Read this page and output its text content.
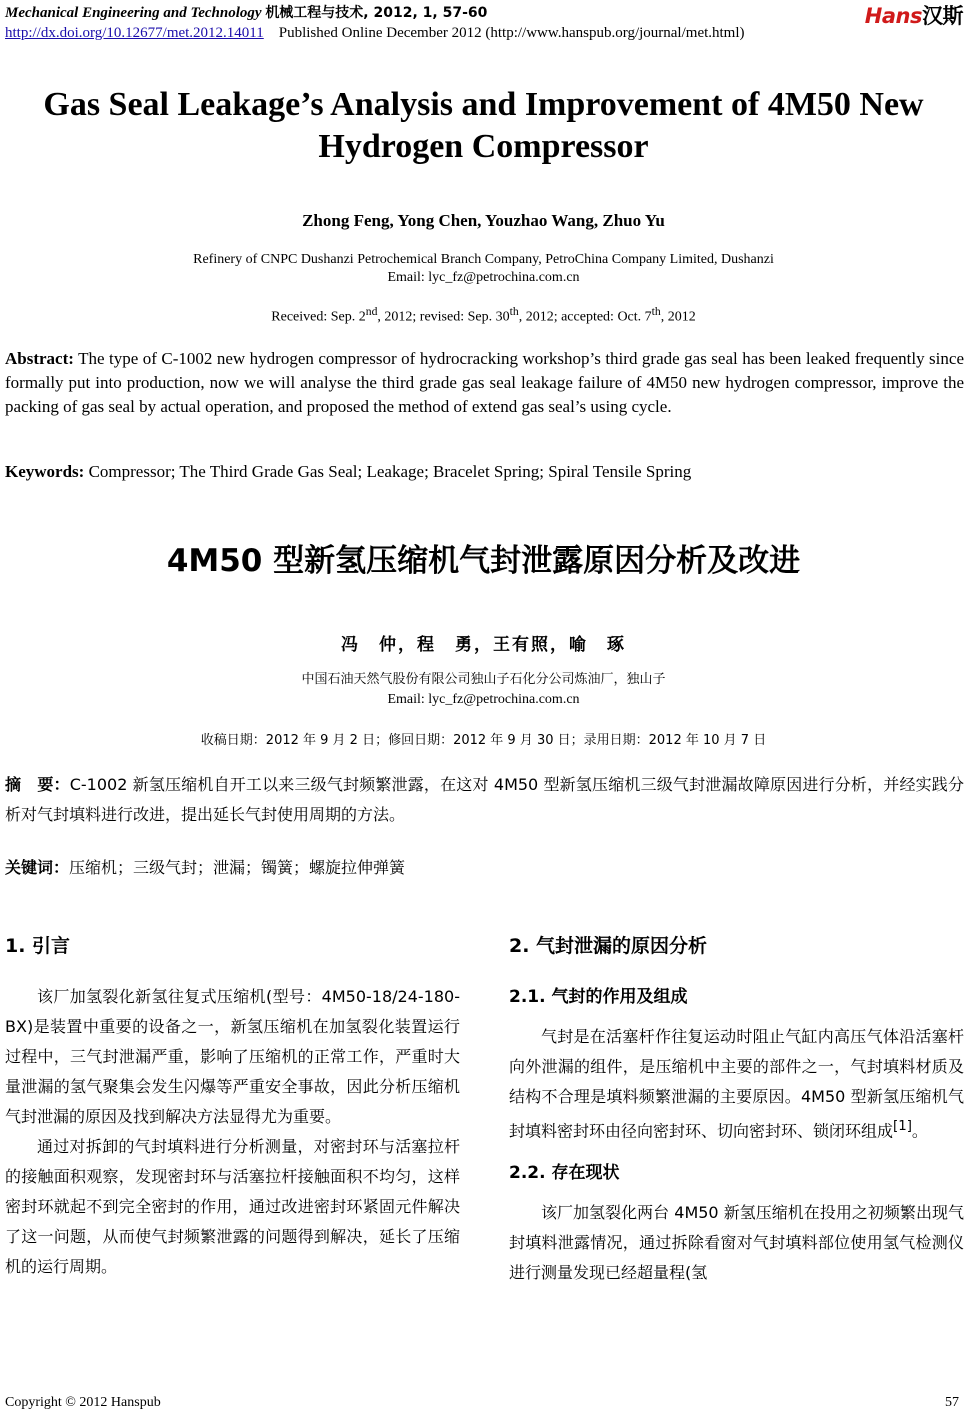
Mechanical Engineering and Technology 机械工程与技术, 2012, 1, 57-60
http://dx.doi.org/10.12677/met.2012.14011 Published Online December 2012 (http://www.hanspub.org/journal/met.html)
Hans汉斯
Gas Seal Leakage’s Analysis and Improvement of 4M50 New Hydrogen Compressor
Zhong Feng, Yong Chen, Youzhao Wang, Zhuo Yu
Refinery of CNPC Dushanzi Petrochemical Branch Company, PetroChina Company Limited, Dushanzi
Email: lyc_fz@petrochina.com.cn
Received: Sep. 2nd, 2012; revised: Sep. 30th, 2012; accepted: Oct. 7th, 2012
Abstract: The type of C-1002 new hydrogen compressor of hydrocracking workshop’s third grade gas seal has been leaked frequently since formally put into production, now we will analyse the third grade gas seal leakage failure of 4M50 new hydrogen compressor, improve the packing of gas seal by actual operation, and proposed the method of extend gas seal’s using cycle.
Keywords: Compressor; The Third Grade Gas Seal; Leakage; Bracelet Spring; Spiral Tensile Spring
4M50 型新氢压缩机气封泄露原因分析及改进
冯　仲，程　勇，王有照，喻　琢
中国石油天然气股份有限公司独山子石化分公司炼油厂，独山子
Email: lyc_fz@petrochina.com.cn
收稿日期：2012 年 9 月 2 日；修回日期：2012 年 9 月 30 日；录用日期：2012 年 10 月 7 日
摘　要：C-1002 新氢压缩机自开工以来三级气封频繁泄露，在这对 4M50 型新氢压缩机三级气封泄漏故障原因进行分析，并经实践分析对气封填料进行改进，提出延长气封使用周期的方法。
关键词：压缩机；三级气封；泄漏；镯簧；螺旋拉伸弹簧
1. 引言

该厂加氢裂化新氢往复式压缩机(型号：4M50-18/24-180-BX)是装置中重要的设备之一，新氢压缩机在加氢裂化装置运行过程中，三气封泄漏严重，影响了压缩机的正常工作，严重时大量泄漏的氢气聚集会发生闪爆等严重安全事故，因此分析压缩机气封泄漏的原因及找到解决方法显得尤为重要。

通过对拆卸的气封填料进行分析测量，对密封环与活塞拉杆的接触面积观察，发现密封环与活塞拉杆接触面积不均匀，这样密封环就起不到完全密封的作用，通过改进密封环紧固元件解决了这一问题，从而使气封频繁泄露的问题得到解决，延长了压缩机的运行周期。

2. 气封泄漏的原因分析
2.1. 气封的作用及组成

气封是在活塞杆作往复运动时阻止气缸内高压气体沿活塞杆向外泄漏的组件，是压缩机中主要的部件之一，气封填料材质及结构不合理是填料频繁泄漏的主要原因。4M50 型新氢压缩机气封填料密封环由径向密封环、切向密封环、锁闭环组成[1]。

2.2. 存在现状

该厂加氢裂化两台 4M50 新氢压缩机在投用之初频繁出现气封填料泄露情况，通过拆除看窗对气封填料部位使用氢气检测仪进行测量发现已经超量程(氢

Copyright © 2012 Hanspub	57
